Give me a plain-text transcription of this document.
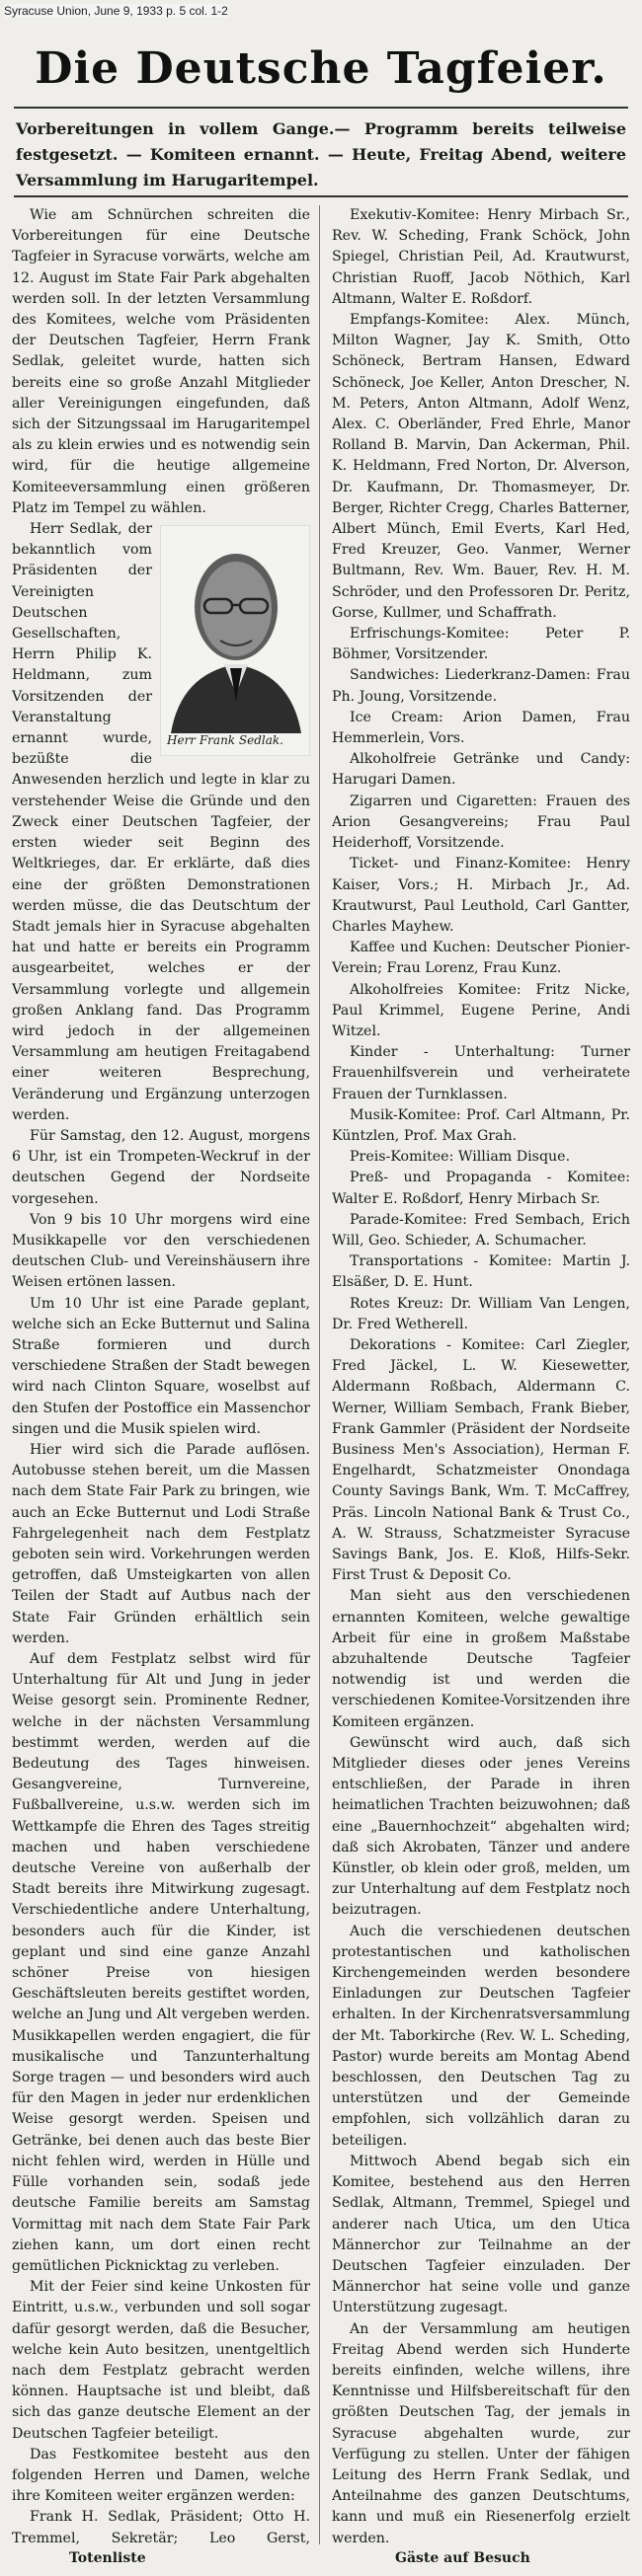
Syracuse Union, June 9, 1933 p. 5 col. 1-2

Die Deutsche Tagfeier.

Vorbereitungen in vollem Gange.— Programm bereits teilweise festgesetzt. — Komiteen ernannt. — Heute, Freitag Abend, weitere Versammlung im Harugaritempel.

Wie am Schnürchen schreiten die Vorbereitungen für eine Deutsche Tagfeier in Syracuse vorwärts, welche am 12. August im State Fair Park abgehalten werden soll. In der letzten Versammlung des Komitees, welche vom Präsidenten der Deutschen Tagfeier, Herrn Frank Sedlak, geleitet wurde, hatten sich bereits eine so große Anzahl Mitglieder aller Vereinigungen eingefunden, daß sich der Sitzungssaal im Harugaritempel als zu klein erwies und es notwendig sein wird, für die heutige allgemeine Komiteeversammlung einen größeren Platz im Tempel zu wählen.

Herr Frank Sedlak.

Herr Sedlak, der bekanntlich vom Präsidenten der Vereinigten Deutschen Gesellschaften, Herrn Philip K. Heldmann, zum Vorsitzenden der Veranstaltung ernannt wurde, bezüßte die Anwesenden herzlich und legte in klar zu verstehender Weise die Gründe und den Zweck einer Deutschen Tagfeier, der ersten wieder seit Beginn des Weltkrieges, dar. Er erklärte, daß dies eine der größten Demonstrationen werden müsse, die das Deutschtum der Stadt jemals hier in Syracuse abgehalten hat und hatte er bereits ein Programm ausgearbeitet, welches er der Versammlung vorlegte und allgemein großen Anklang fand. Das Programm wird jedoch in der allgemeinen Versammlung am heutigen Freitagabend einer weiteren Besprechung, Veränderung und Ergänzung unterzogen werden.

Für Samstag, den 12. August, morgens 6 Uhr, ist ein Trompeten-Weckruf in der deutschen Gegend der Nordseite vorgesehen.

Von 9 bis 10 Uhr morgens wird eine Musikkapelle vor den verschiedenen deutschen Club- und Vereinshäusern ihre Weisen ertönen lassen.

Um 10 Uhr ist eine Parade geplant, welche sich an Ecke Butternut und Salina Straße formieren und durch verschiedene Straßen der Stadt bewegen wird nach Clinton Square, woselbst auf den Stufen der Postoffice ein Massenchor singen und die Musik spielen wird.

Hier wird sich die Parade auflösen. Autobusse stehen bereit, um die Massen nach dem State Fair Park zu bringen, wie auch an Ecke Butternut und Lodi Straße Fahrgelegenheit nach dem Festplatz geboten sein wird. Vorkehrungen werden getroffen, daß Umsteigkarten von allen Teilen der Stadt auf Autbus nach der State Fair Gründen erhältlich sein werden.

Auf dem Festplatz selbst wird für Unterhaltung für Alt und Jung in jeder Weise gesorgt sein. Prominente Redner, welche in der nächsten Versammlung bestimmt werden, werden auf die Bedeutung des Tages hinweisen. Gesangvereine, Turnvereine, Fußballvereine, u.s.w. werden sich im Wettkampfe die Ehren des Tages streitig machen und haben verschiedene deutsche Vereine von außerhalb der Stadt bereits ihre Mitwirkung zugesagt. Verschiedentliche andere Unterhaltung, besonders auch für die Kinder, ist geplant und sind eine ganze Anzahl schöner Preise von hiesigen Geschäftsleuten bereits gestiftet worden, welche an Jung und Alt vergeben werden. Musikkapellen werden engagiert, die für musikalische und Tanzunterhaltung Sorge tragen — und besonders wird auch für den Magen in jeder nur erdenklichen Weise gesorgt werden. Speisen und Getränke, bei denen auch das beste Bier nicht fehlen wird, werden in Hülle und Fülle vorhanden sein, sodaß jede deutsche Familie bereits am Samstag Vormittag mit nach dem State Fair Park ziehen kann, um dort einen recht gemütlichen Picknicktag zu verleben.

Mit der Feier sind keine Unkosten für Eintritt, u.s.w., verbunden und soll sogar dafür gesorgt werden, daß die Besucher, welche kein Auto besitzen, unentgeltlich nach dem Festplatz gebracht werden können. Hauptsache ist und bleibt, daß sich das ganze deutsche Element an der Deutschen Tagfeier beteiligt.

Das Festkomitee besteht aus den folgenden Herren und Damen, welche ihre Komiteen weiter ergänzen werden:

Frank H. Sedlak, Präsident; Otto H. Tremmel, Sekretär; Leo Gerst,

Exekutiv-Komitee: Henry Mirbach Sr., Rev. W. Scheding, Frank Schöck, John Spiegel, Christian Peil, Ad. Krautwurst, Christian Ruoff, Jacob Nöthich, Karl Altmann, Walter E. Roßdorf.

Empfangs-Komitee: Alex. Münch, Milton Wagner, Jay K. Smith, Otto Schöneck, Bertram Hansen, Edward Schöneck, Joe Keller, Anton Drescher, N. M. Peters, Anton Altmann, Adolf Wenz, Alex. C. Oberländer, Fred Ehrle, Manor Rolland B. Marvin, Dan Ackerman, Phil. K. Heldmann, Fred Norton, Dr. Alverson, Dr. Kaufmann, Dr. Thomasmeyer, Dr. Berger, Richter Cregg, Charles Batterner, Albert Münch, Emil Everts, Karl Hed, Fred Kreuzer, Geo. Vanmer, Werner Bultmann, Rev. Wm. Bauer, Rev. H. M. Schröder, und den Professoren Dr. Peritz, Gorse, Kullmer, und Schaffrath.

Erfrischungs-Komitee: Peter P. Böhmer, Vorsitzender.

Sandwiches: Liederkranz-Damen: Frau Ph. Joung, Vorsitzende.

Ice Cream: Arion Damen, Frau Hemmerlein, Vors.

Alkoholfreie Getränke und Candy: Harugari Damen.

Zigarren und Cigaretten: Frauen des Arion Gesangvereins; Frau Paul Heiderhoff, Vorsitzende.

Ticket- und Finanz-Komitee: Henry Kaiser, Vors.; H. Mirbach Jr., Ad. Krautwurst, Paul Leuthold, Carl Gantter, Charles Mayhew.

Kaffee und Kuchen: Deutscher Pionier-Verein; Frau Lorenz, Frau Kunz.

Alkoholfreies Komitee: Fritz Nicke, Paul Krimmel, Eugene Perine, Andi Witzel.

Kinder - Unterhaltung: Turner Frauenhilfsverein und verheiratete Frauen der Turnklassen.

Musik-Komitee: Prof. Carl Altmann, Pr. Küntzlen, Prof. Max Grah.

Preis-Komitee: William Disque.

Preß- und Propaganda - Komitee: Walter E. Roßdorf, Henry Mirbach Sr.

Parade-Komitee: Fred Sembach, Erich Will, Geo. Schieder, A. Schumacher.

Transportations - Komitee: Martin J. Elsäßer, D. E. Hunt.

Rotes Kreuz: Dr. William Van Lengen, Dr. Fred Wetherell.

Dekorations - Komitee: Carl Ziegler, Fred Jäckel, L. W. Kiesewetter, Aldermann Roßbach, Aldermann C. Werner, William Sembach, Frank Bieber, Frank Gammler (Präsident der Nordseite Business Men's Association), Herman F. Engelhardt, Schatzmeister Onondaga County Savings Bank, Wm. T. McCaffrey, Präs. Lincoln National Bank & Trust Co., A. W. Strauss, Schatzmeister Syracuse Savings Bank, Jos. E. Kloß, Hilfs-Sekr. First Trust & Deposit Co.

Man sieht aus den verschiedenen ernannten Komiteen, welche gewaltige Arbeit für eine in großem Maßstabe abzuhaltende Deutsche Tagfeier notwendig ist und werden die verschiedenen Komitee-Vorsitzenden ihre Komiteen ergänzen.

Gewünscht wird auch, daß sich Mitglieder dieses oder jenes Vereins entschließen, der Parade in ihren heimatlichen Trachten beizuwohnen; daß eine „Bauernhochzeit“ abgehalten wird; daß sich Akrobaten, Tänzer und andere Künstler, ob klein oder groß, melden, um zur Unterhaltung auf dem Festplatz noch beizutragen.

Auch die verschiedenen deutschen protestantischen und katholischen Kirchengemeinden werden besondere Einladungen zur Deutschen Tagfeier erhalten. In der Kirchenratsversammlung der Mt. Taborkirche (Rev. W. L. Scheding, Pastor) wurde bereits am Montag Abend beschlossen, den Deutschen Tag zu unterstützen und der Gemeinde empfohlen, sich vollzählich daran zu beteiligen.

Mittwoch Abend begab sich ein Komitee, bestehend aus den Herren Sedlak, Altmann, Tremmel, Spiegel und anderer nach Utica, um den Utica Männerchor zur Teilnahme an der Deutschen Tagfeier einzuladen. Der Männerchor hat seine volle und ganze Unterstützung zugesagt.

An der Versammlung am heutigen Freitag Abend werden sich Hunderte bereits einfinden, welche willens, ihre Kenntnisse und Hilfsbereitschaft für den größten Deutschen Tag, der jemals in Syracuse abgehalten wurde, zur Verfügung zu stellen. Unter der fähigen Leitung des Herrn Frank Sedlak, und Anteilnahme des ganzen Deutschtums, kann und muß ein Riesenerfolg erzielt werden.

Totenliste	Gäste auf Besuch
